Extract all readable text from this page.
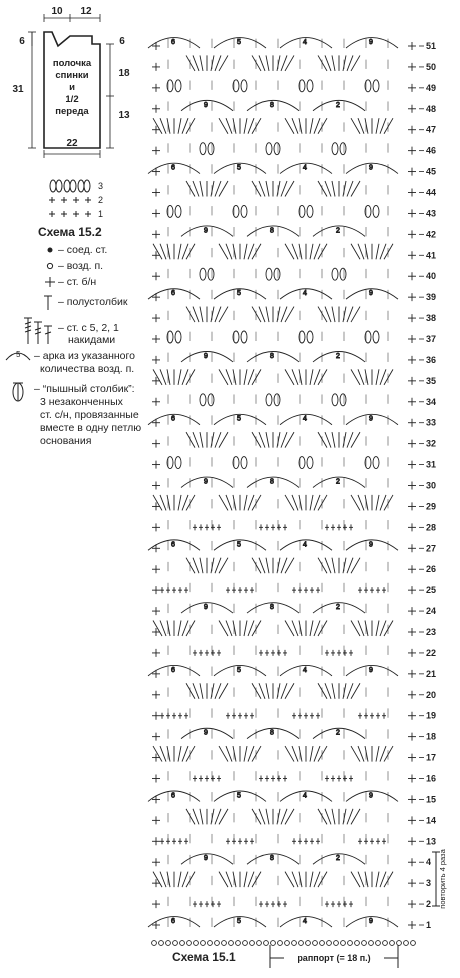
10 12
6	6
31
18
13
22
полочка
спинки
и
1/2
переда
3
2
1
Схема 15.2
5
6	5	4	9
9	8	2
6	5	4	9
9	8	2
6	5	4	9
9	8	2
6	5	4	9
9	8	2
6	5	4	9
9	8	2
6	5	4	9
9	8	2
6	5	4	9
9	8	2
6	5	4	9
51
50
49
48
47
46
45
44
43
42
41
40
39
38
37
36
35
34
33
32
31
30
29
28
27
26
25
24
23
22
21
20
19
18
17
16
15
14
13
4
3
2
1
раппорт (= 18 п.)
повторить 4 раза
Схема 15.1
– соед. ст.
– возд. п.
– ст. б/н
– полустолбик
– ст. с 5, 2, 1
накидами
– арка из указанного
количества возд. п.
– “пышный столбик”:
3 незаконченных
ст. с/н, провязанные
вместе в одну петлю
основания
